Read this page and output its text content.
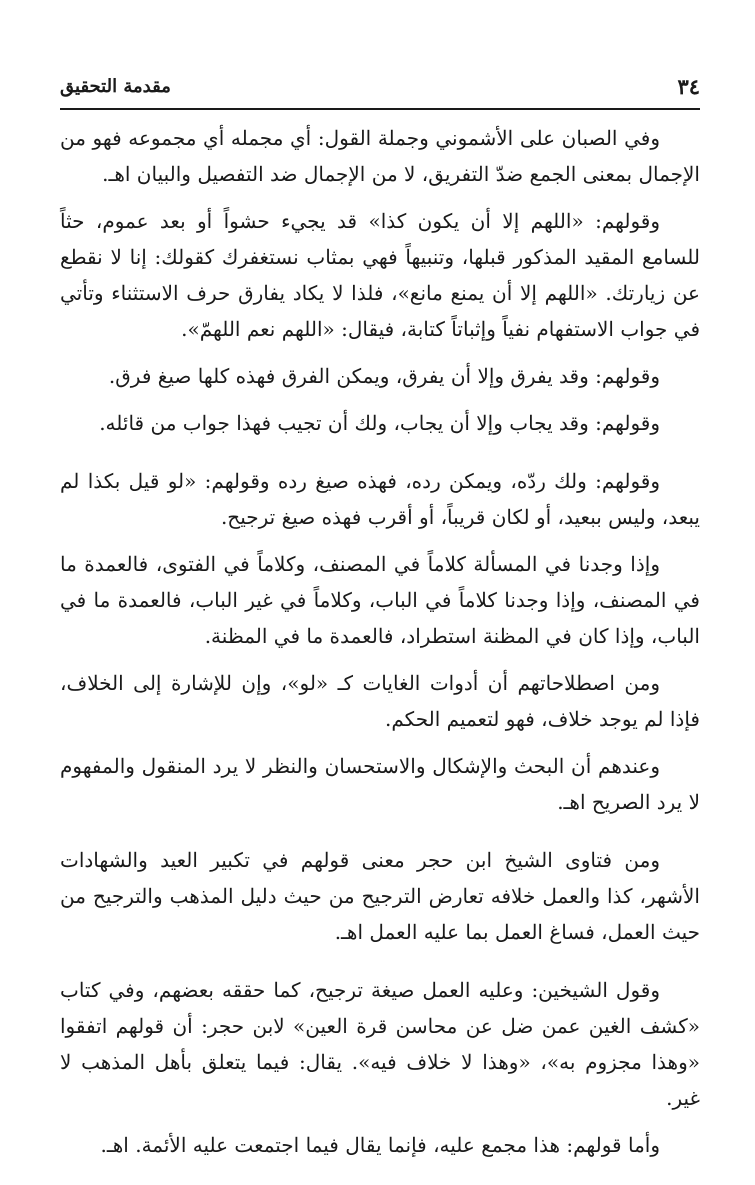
٣٤
مقدمة التحقيق

وفي الصبان على الأشموني وجملة القول: أي مجمله أي مجموعه فهو من الإجمال بمعنى الجمع ضدّ التفريق، لا من الإجمال ضد التفصيل والبيان اهـ.

وقولهم: «اللهم إلا أن يكون كذا» قد يجيء حشواً أو بعد عموم، حثاً للسامع المقيد المذكور قبلها، وتنبيهاً فهي بمثاب نستغفرك كقولك: إنا لا نقطع عن زيارتك. «اللهم إلا أن يمنع مانع»، فلذا لا يكاد يفارق حرف الاستثناء وتأتي في جواب الاستفهام نفياً وإثباتاً كتابة، فيقال: «اللهم نعم اللهمّ».

وقولهم: وقد يفرق وإلا أن يفرق، ويمكن الفرق فهذه كلها صيغ فرق.

وقولهم: وقد يجاب وإلا أن يجاب، ولك أن تجيب فهذا جواب من قائله.

وقولهم: ولك ردّه، ويمكن رده، فهذه صيغ رده وقولهم: «لو قيل بكذا لم يبعد، وليس ببعيد، أو لكان قريباً، أو أقرب فهذه صيغ ترجيح.

وإذا وجدنا في المسألة كلاماً في المصنف، وكلاماً في الفتوى، فالعمدة ما في المصنف، وإذا وجدنا كلاماً في الباب، وكلاماً في غير الباب، فالعمدة ما في الباب، وإذا كان في المظنة استطراد، فالعمدة ما في المظنة.

ومن اصطلاحاتهم أن أدوات الغايات كـ «لو»، وإن للإشارة إلى الخلاف، فإذا لم يوجد خلاف، فهو لتعميم الحكم.

وعندهم أن البحث والإشكال والاستحسان والنظر لا يرد المنقول والمفهوم لا يرد الصريح اهـ.

ومن فتاوى الشيخ ابن حجر معنى قولهم في تكبير العيد والشهادات الأشهر، كذا والعمل خلافه تعارض الترجيح من حيث دليل المذهب والترجيح من حيث العمل، فساغ العمل بما عليه العمل اهـ.

وقول الشيخين: وعليه العمل صيغة ترجيح، كما حققه بعضهم، وفي كتاب «كشف الغين عمن ضل عن محاسن قرة العين» لابن حجر: أن قولهم اتفقوا «وهذا مجزوم به»، «وهذا لا خلاف فيه». يقال: فيما يتعلق بأهل المذهب لا غير.

وأما قولهم: هذا مجمع عليه، فإنما يقال فيما اجتمعت عليه الأئمة. اهـ.
